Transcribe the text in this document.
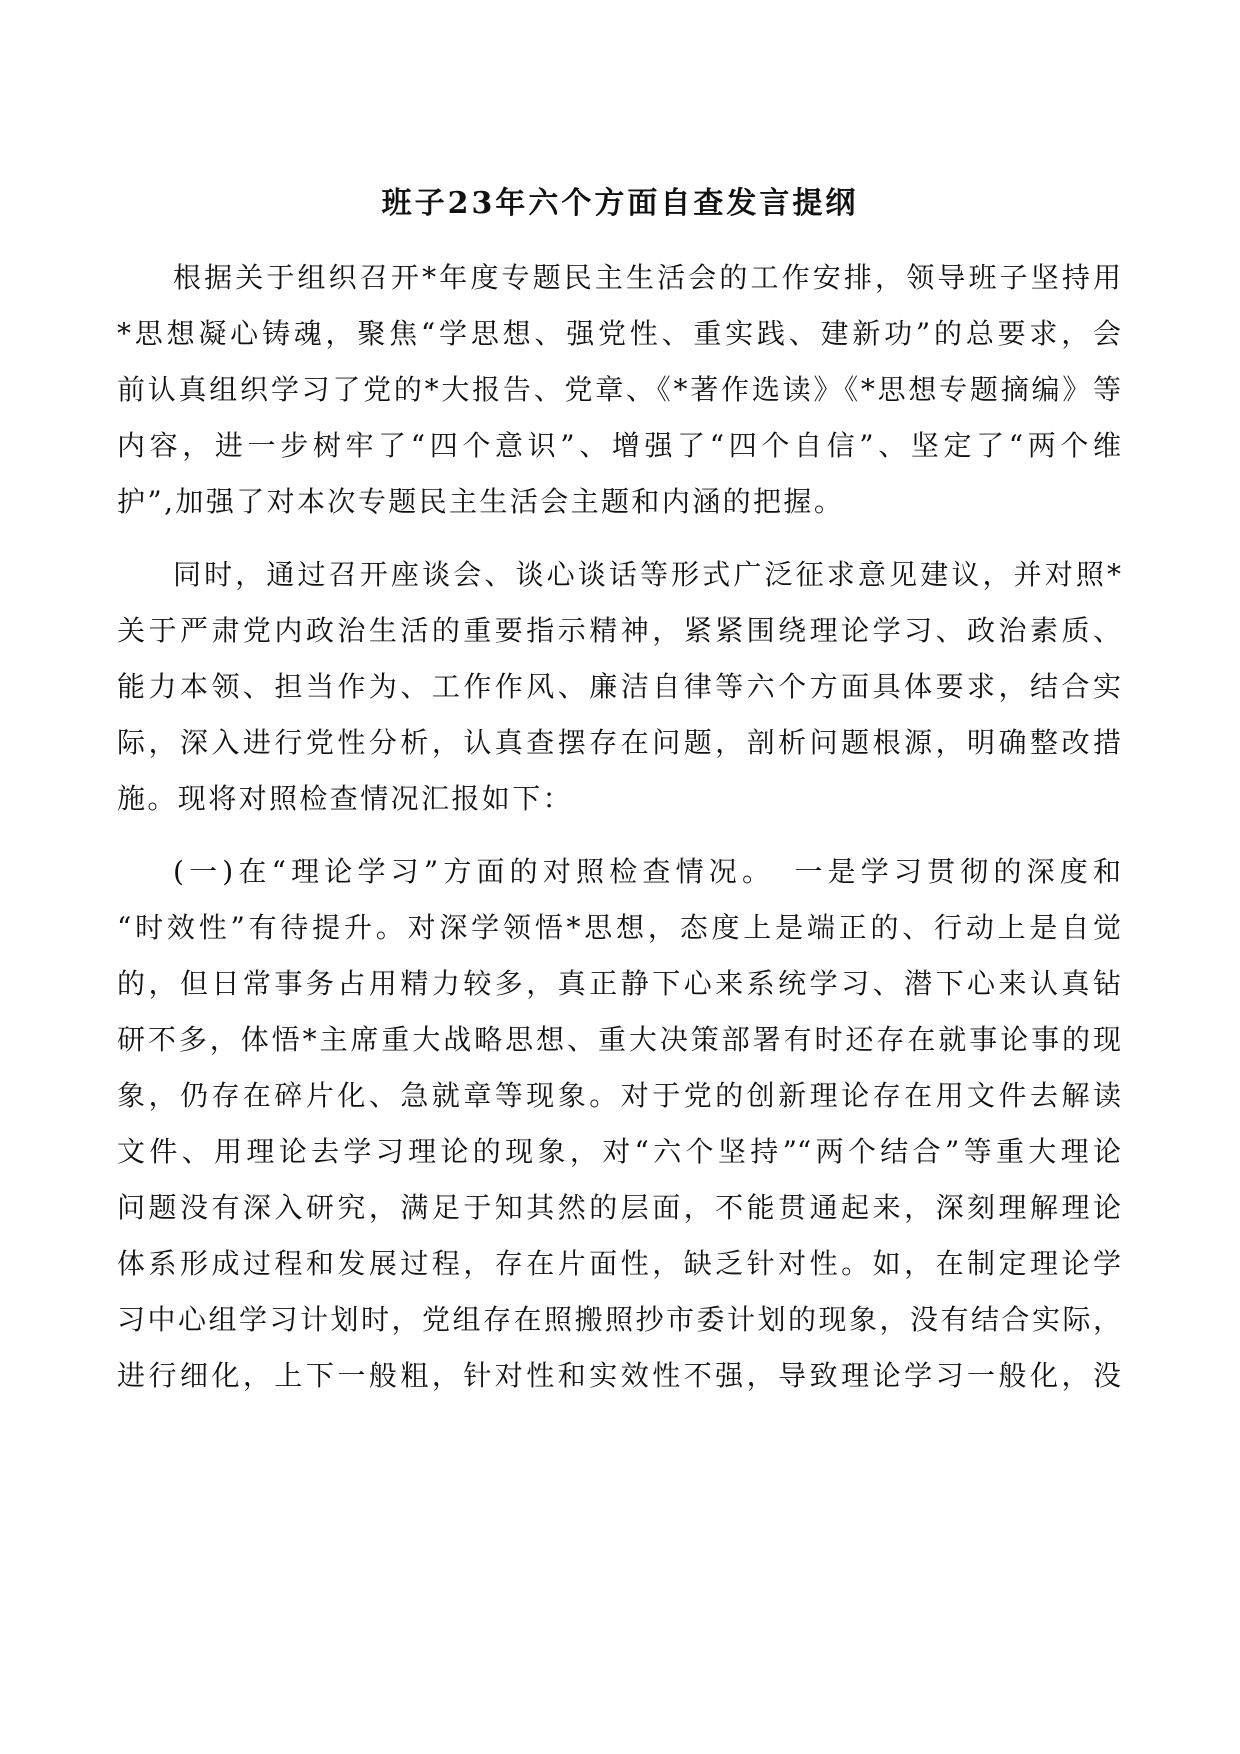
班子23年六个方面自查发言提纲
根据关于组织召开*年度专题民主生活会的工作安排，领导班子坚持用
*思想凝心铸魂，聚焦“学思想、强党性、重实践、建新功”的总要求，会
前认真组织学习了党的*大报告、党章、《*著作选读》《*思想专题摘编》等
内容，进一步树牢了“四个意识”、增强了“四个自信”、坚定了“两个维
护”,加强了对本次专题民主生活会主题和内涵的把握。
同时，通过召开座谈会、谈心谈话等形式广泛征求意见建议，并对照*
关于严肃党内政治生活的重要指示精神，紧紧围绕理论学习、政治素质、
能力本领、担当作为、工作作风、廉洁自律等六个方面具体要求，结合实
际，深入进行党性分析，认真查摆存在问题，剖析问题根源，明确整改措
施。现将对照检查情况汇报如下：
(一)在“理论学习”方面的对照检查情况。　一是学习贯彻的深度和
“时效性”有待提升。对深学领悟*思想，态度上是端正的、行动上是自觉
的，但日常事务占用精力较多，真正静下心来系统学习、潜下心来认真钻
研不多，体悟*主席重大战略思想、重大决策部署有时还存在就事论事的现
象，仍存在碎片化、急就章等现象。对于党的创新理论存在用文件去解读
文件、用理论去学习理论的现象，对“六个坚持”“两个结合”等重大理论
问题没有深入研究，满足于知其然的层面，不能贯通起来，深刻理解理论
体系形成过程和发展过程，存在片面性，缺乏针对性。如，在制定理论学
习中心组学习计划时，党组存在照搬照抄市委计划的现象，没有结合实际，
进行细化，上下一般粗，针对性和实效性不强，导致理论学习一般化，没
